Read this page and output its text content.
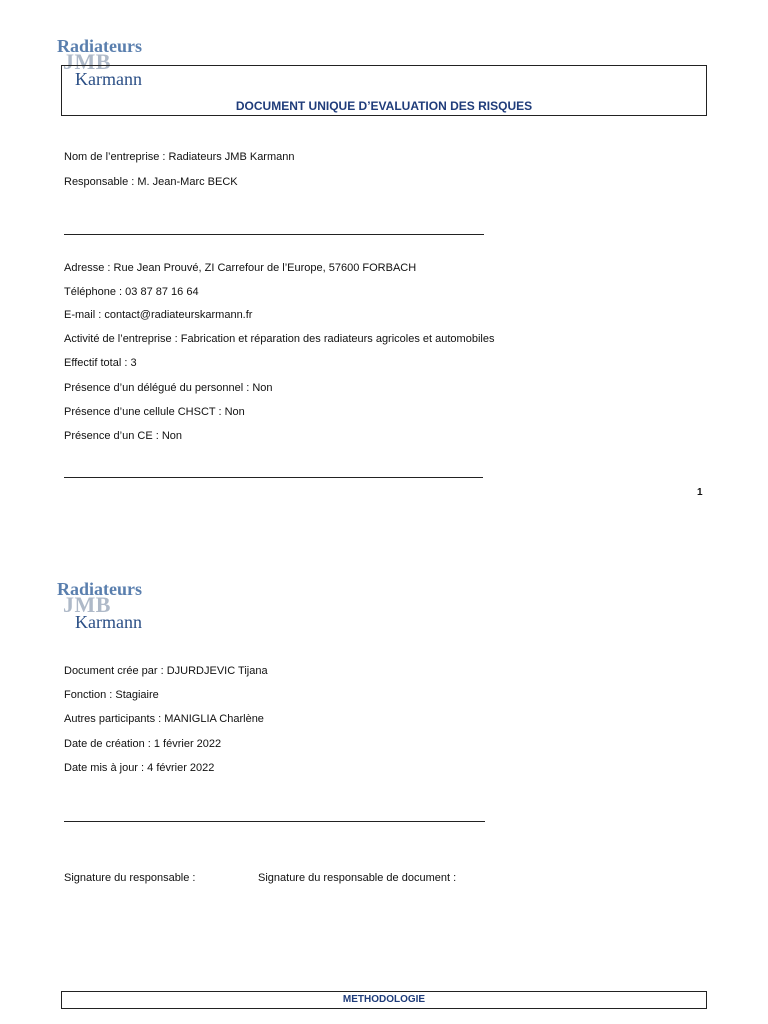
Radiateurs
JMB
Karmann
DOCUMENT UNIQUE D’EVALUATION DES RISQUES
Nom de l’entreprise : Radiateurs JMB Karmann
Responsable : M. Jean-Marc BECK
Adresse : Rue Jean Prouvé, ZI Carrefour de l’Europe, 57600 FORBACH
Téléphone : 03 87 87 16 64
E-mail : contact@radiateurskarmann.fr
Activité de l’entreprise : Fabrication et réparation des radiateurs agricoles et automobiles
Effectif total : 3
Présence d’un délégué du personnel : Non
Présence d’une cellule CHSCT : Non
Présence d’un CE : Non
1
Radiateurs
JMB
Karmann
Document crée par : DJURDJEVIC Tijana
Fonction : Stagiaire
Autres participants : MANIGLIA Charlène
Date de création : 1 février 2022
Date mis à jour : 4 février 2022
Signature du responsable :	Signature du responsable de document :
METHODOLOGIE
